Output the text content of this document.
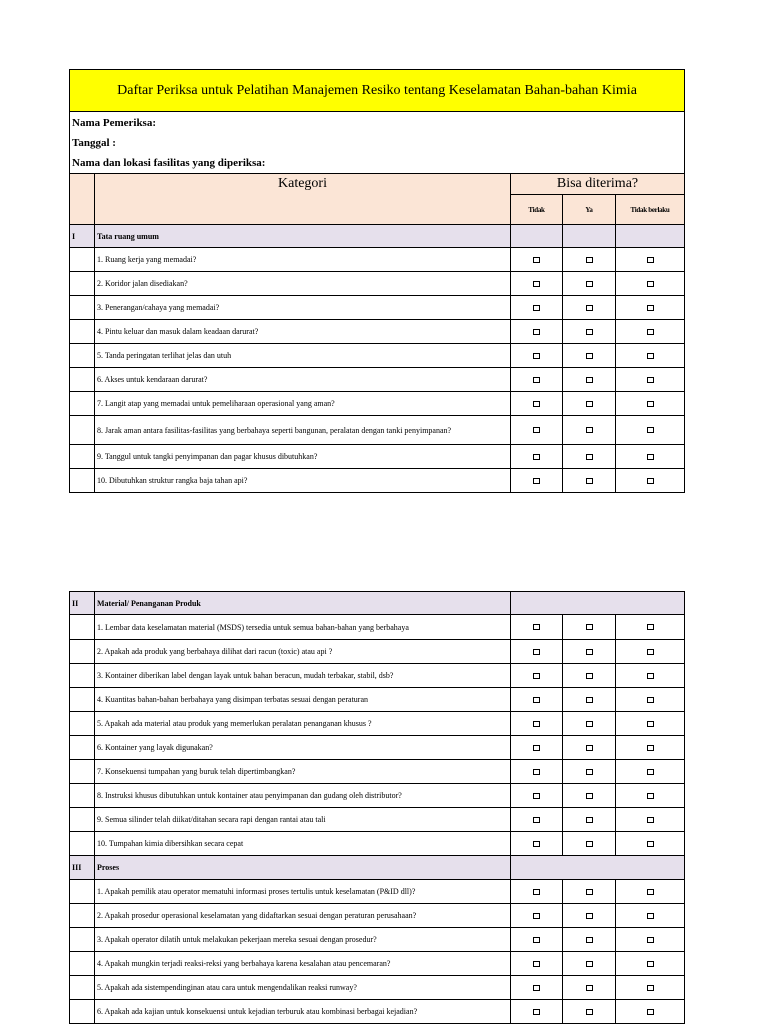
Daftar Periksa untuk Pelatihan Manajemen Resiko tentang Keselamatan Bahan-bahan Kimia				

Nama Pemeriksa:
Tanggal :
Nama dan lokasi fasilitas yang diperiksa:				

	Kategori	Bisa diterima?		
		Tidak	Ya	Tidak berlaku
I	Tata ruang umum			
	1. Ruang kerja yang memadai?			
	2. Koridor jalan disediakan?			
	3. Penerangan/cahaya yang memadai?			
	4. Pintu keluar dan masuk dalam keadaan darurat?			
	5. Tanda peringatan terlihat jelas dan utuh			
	6. Akses untuk kendaraan darurat?			
	7. Langit atap yang memadai untuk pemeliharaan operasional yang aman?			
	8. Jarak aman antara fasilitas-fasilitas yang berbahaya seperti bangunan, peralatan dengan tanki penyimpanan?			
	9. Tanggul untuk tangki penyimpanan dan pagar khusus dibutuhkan?			
	10. Dibutuhkan struktur rangka baja tahan api?			
II	Material/ Penanganan Produk			
	1. Lembar data keselamatan material (MSDS) tersedia untuk semua bahan-bahan yang berbahaya			
	2. Apakah ada produk yang berbahaya dilihat dari racun (toxic) atau api ?			
	3. Kontainer diberikan label dengan layak untuk bahan beracun, mudah terbakar, stabil, dsb?			
	4. Kuantitas bahan-bahan berbahaya yang disimpan terbatas sesuai dengan peraturan			
	5. Apakah ada material atau produk yang memerlukan peralatan penanganan khusus ?			
	6. Kontainer yang layak digunakan?			
	7. Konsekuensi tumpahan yang buruk telah dipertimbangkan?			
	8. Instruksi khusus dibutuhkan untuk kontainer atau penyimpanan dan gudang oleh distributor?			
	9. Semua silinder telah diikat/ditahan secara rapi dengan rantai atau tali			
	10. Tumpahan kimia dibersihkan secara cepat			
III	Proses			
	1. Apakah pemilik atau operator mematuhi informasi proses tertulis untuk keselamatan (P&ID dll)?			
	2. Apakah prosedur operasional keselamatan yang didaftarkan sesuai dengan peraturan perusahaan?			
	3. Apakah operator dilatih untuk melakukan pekerjaan mereka sesuai dengan prosedur?			
	4. Apakah mungkin terjadi reaksi-reksi yang berbahaya karena kesalahan atau pencemaran?			
	5. Apakah ada sistempendinginan atau cara untuk mengendalikan reaksi runway?			
	6. Apakah ada kajian untuk konsekuensi untuk kejadian terburuk atau kombinasi berbagai kejadian?			
